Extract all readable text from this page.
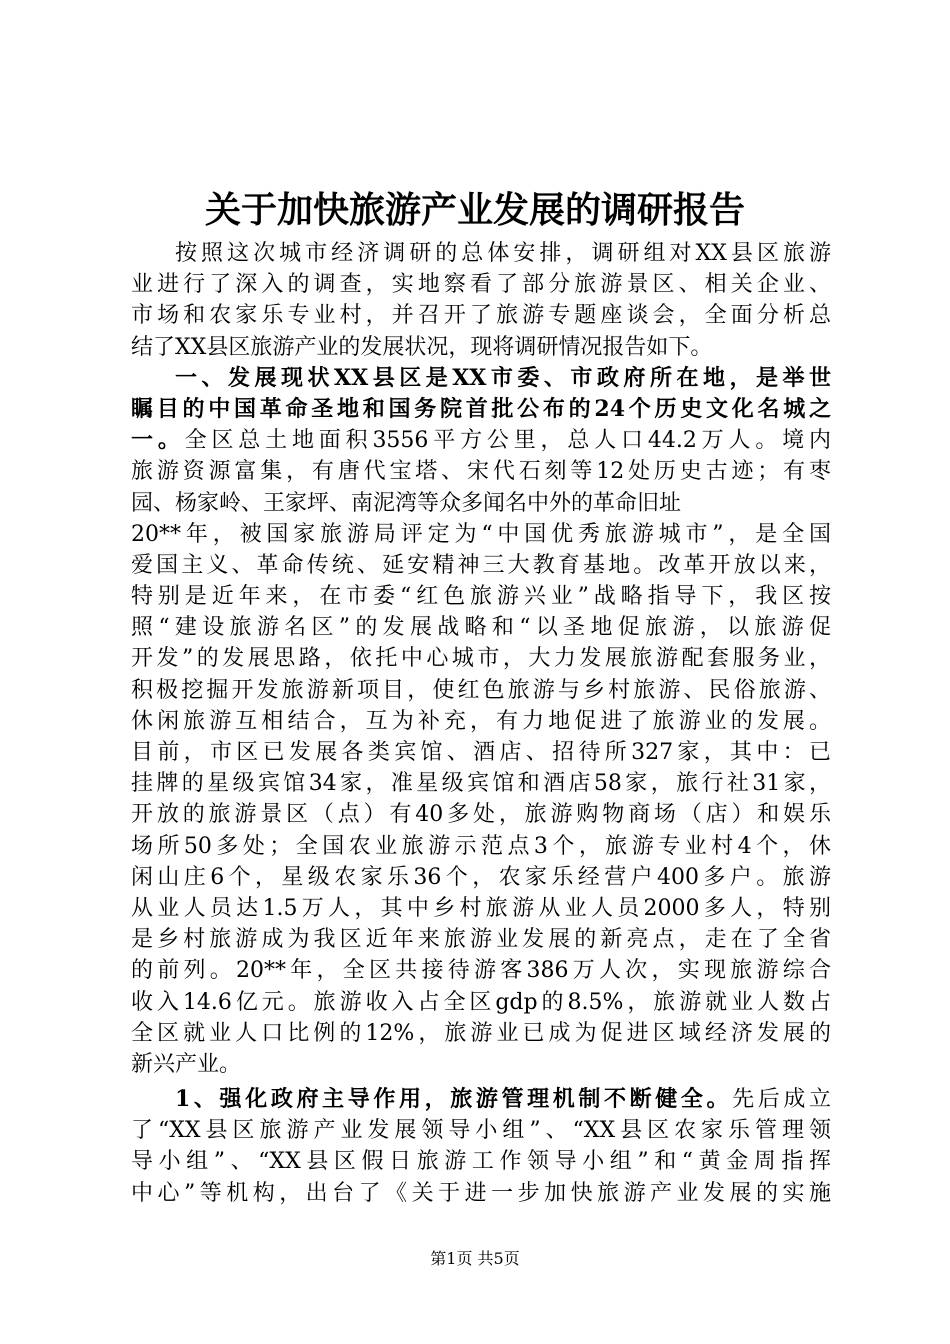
关于加快旅游产业发展的调研报告
按照这次城市经济调研的总体安排，调研组对XX县区旅游
业进行了深入的调查，实地察看了部分旅游景区、相关企业、
市场和农家乐专业村，并召开了旅游专题座谈会，全面分析总
结了XX县区旅游产业的发展状况，现将调研情况报告如下。
一、发展现状XX县区是XX市委、市政府所在地，是举世
瞩目的中国革命圣地和国务院首批公布的24个历史文化名城之
一。全区总土地面积3556平方公里，总人口44.2万人。境内
旅游资源富集，有唐代宝塔、宋代石刻等12处历史古迹；有枣
园、杨家岭、王家坪、南泥湾等众多闻名中外的革命旧址
20**年，被国家旅游局评定为“中国优秀旅游城市”，是全国
爱国主义、革命传统、延安精神三大教育基地。改革开放以来，
特别是近年来，在市委“红色旅游兴业”战略指导下，我区按
照“建设旅游名区”的发展战略和“以圣地促旅游，以旅游促
开发”的发展思路，依托中心城市，大力发展旅游配套服务业，
积极挖掘开发旅游新项目，使红色旅游与乡村旅游、民俗旅游、
休闲旅游互相结合，互为补充，有力地促进了旅游业的发展。
目前，市区已发展各类宾馆、酒店、招待所327家，其中：已
挂牌的星级宾馆34家，准星级宾馆和酒店58家，旅行社31家，
开放的旅游景区（点）有40多处，旅游购物商场（店）和娱乐
场所50多处；全国农业旅游示范点3个，旅游专业村4个，休
闲山庄6个，星级农家乐36个，农家乐经营户400多户。旅游
从业人员达1.5万人，其中乡村旅游从业人员2000多人，特别
是乡村旅游成为我区近年来旅游业发展的新亮点，走在了全省
的前列。20**年，全区共接待游客386万人次，实现旅游综合
收入14.6亿元。旅游收入占全区gdp的8.5%，旅游就业人数占
全区就业人口比例的12%，旅游业已成为促进区域经济发展的
新兴产业。
1、强化政府主导作用，旅游管理机制不断健全。先后成立
了“XX县区旅游产业发展领导小组”、“XX县区农家乐管理领
导小组”、“XX县区假日旅游工作领导小组”和“黄金周指挥
中心”等机构，出台了《关于进一步加快旅游产业发展的实施
第1页 共5页
